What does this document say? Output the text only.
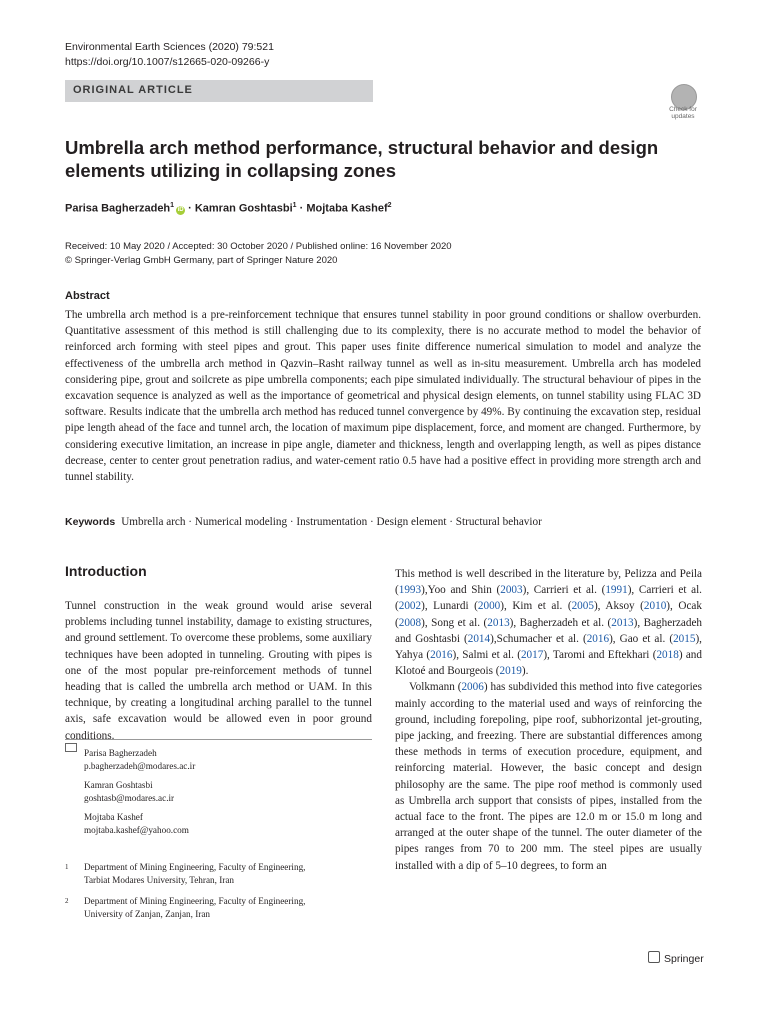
Environmental Earth Sciences (2020) 79:521
https://doi.org/10.1007/s12665-020-09266-y
ORIGINAL ARTICLE
Check for updates
Umbrella arch method performance, structural behavior and design elements utilizing in collapsing zones
Parisa Bagherzadeh$^1$iD · Kamran Goshtasbi$^1$ · Mojtaba Kashef$^2$
Received: 10 May 2020 / Accepted: 30 October 2020 / Published online: 16 November 2020
© Springer-Verlag GmbH Germany, part of Springer Nature 2020
Abstract
The umbrella arch method is a pre-reinforcement technique that ensures tunnel stability in poor ground conditions or shallow overburden. Quantitative assessment of this method is still challenging due to its complexity, there is no accurate method to model the behavior of reinforced arch forming with steel pipes and grout. This paper uses finite difference numerical simulation to model and analyze the effectiveness of the umbrella arch method in Qazvin–Rasht railway tunnel as well as in-situ measurement. Umbrella arch has modeled considering pipe, grout and soilcrete as pipe umbrella components; each pipe simulated individually. The structural behaviour of pipes in the excavation sequence is analyzed as well as the importance of geometrical and physical design elements, on tunnel stability using FLAC 3D software. Results indicate that the umbrella arch method has reduced tunnel convergence by 49%. By continuing the excavation step, residual pipe length ahead of the face and tunnel arch, the location of maximum pipe displacement, force, and moment are changed. Furthermore, by considering executive limitation, an increase in pipe angle, diameter and thickness, length and overlapping length, as well as pipes distance decrease, center to center grout penetration radius, and water-cement ratio 0.5 have had a positive effect in providing more strength arch and tunnel stability.
Keywords Umbrella arch · Numerical modeling · Instrumentation · Design element · Structural behavior
Introduction

Tunnel construction in the weak ground would arise several problems including tunnel instability, damage to existing structures, and ground settlement. To overcome these problems, some auxiliary techniques have been adopted in tunneling. Grouting with pipes is one of the most popular pre-reinforcement methods of tunnel heading that is called the umbrella arch method or UAM. In this technique, by creating a longitudinal arching parallel to the tunnel axis, safe excavation would be allowed even in poor ground conditions.

This method is well described in the literature by, Pelizza and Peila (1993),Yoo and Shin (2003), Carrieri et al. (1991), Carrieri et al. (2002), Lunardi (2000), Kim et al. (2005), Aksoy (2010), Ocak (2008), Song et al. (2013), Bagherzadeh et al. (2013), Bagherzadeh and Goshtasbi (2014),Schumacher et al. (2016), Gao et al. (2015), Yahya (2016), Salmi et al. (2017), Taromi and Eftekhari (2018) and Klotoé and Bourgeois (2019).

Volkmann (2006) has subdivided this method into five categories mainly according to the material used and ways of reinforcing the ground, including forepoling, pipe roof, subhorizontal jet-grouting, pipe jacking, and freezing. There are substantial differences among these methods in terms of execution procedure, equipment, and reinforcing material. However, the basic concept and design philosophy are the same. The pipe roof method is commonly used as Umbrella arch support that consists of pipes, installed from the actual face to the front. The pipes are 12.0 m or 15.0 m long and arranged at the outer shape of the tunnel. The outer diameter of the pipes ranges from 70 to 200 mm. The steel pipes are usually installed with a dip of 5–10 degrees, to form an

Parisa Bagherzadeh
p.bagherzadeh@modares.ac.ir
Kamran Goshtasbi
goshtasb@modares.ac.ir
Mojtaba Kashef
mojtaba.kashef@yahoo.com
1 Department of Mining Engineering, Faculty of Engineering,
Tarbiat Modares University, Tehran, Iran
2 Department of Mining Engineering, Faculty of Engineering,
University of Zanjan, Zanjan, Iran
Springer
